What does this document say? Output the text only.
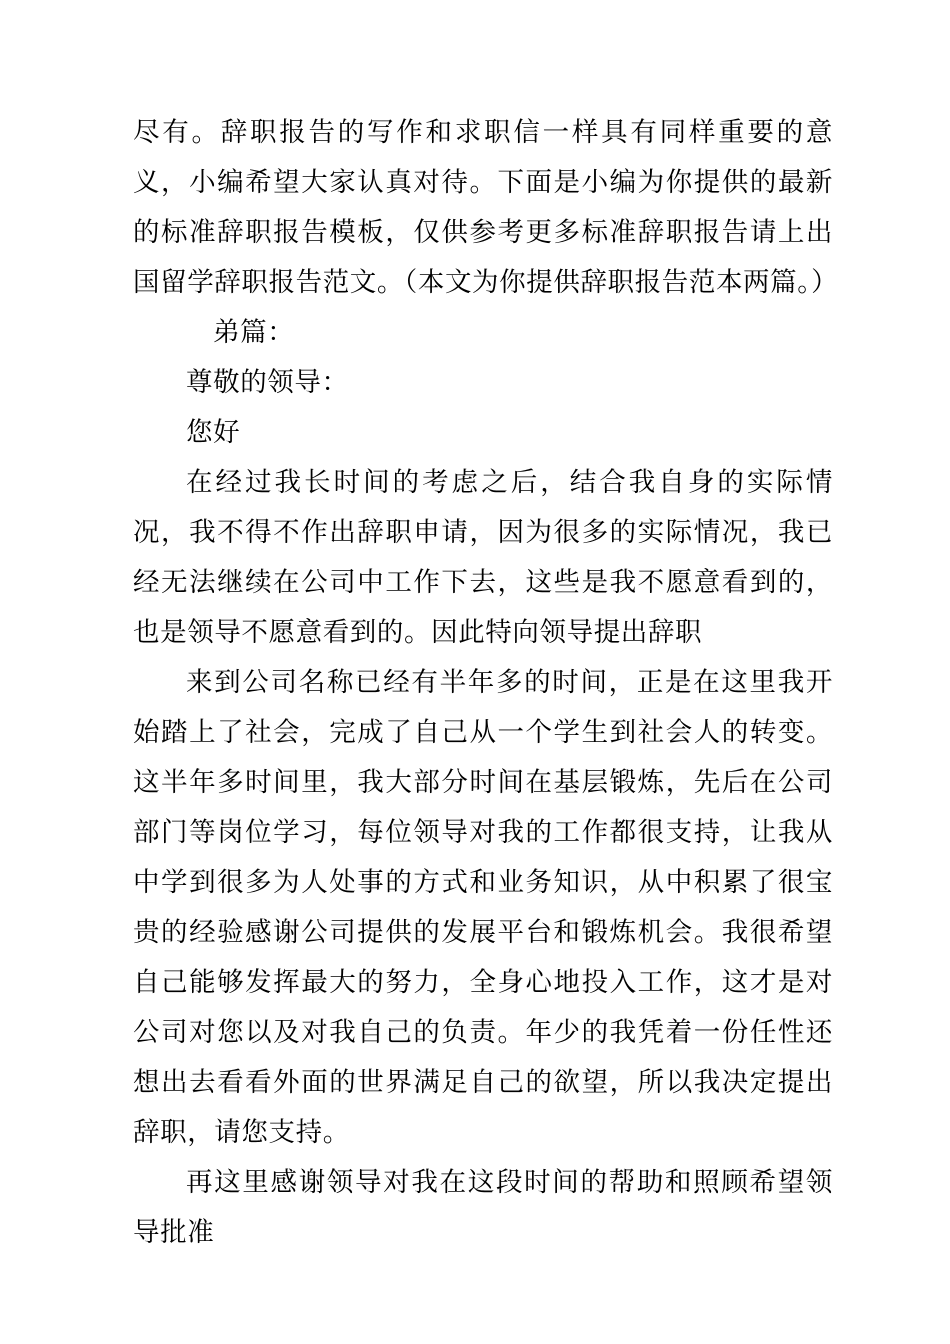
尽有。辞职报告的写作和求职信一样具有同样重要的意义，小编希望大家认真对待。下面是小编为你提供的最新的标准辞职报告模板，仅供参考更多标准辞职报告请上出国留学辞职报告范文。（本文为你提供辞职报告范本两篇。）

弟篇：

尊敬的领导：

您好

在经过我长时间的考虑之后，结合我自身的实际情况，我不得不作出辞职申请，因为很多的实际情况，我已经无法继续在公司中工作下去，这些是我不愿意看到的，也是领导不愿意看到的。因此特向领导提出辞职

来到公司名称已经有半年多的时间，正是在这里我开始踏上了社会，完成了自己从一个学生到社会人的转变。这半年多时间里，我大部分时间在基层锻炼，先后在公司部门等岗位学习，每位领导对我的工作都很支持，让我从中学到很多为人处事的方式和业务知识，从中积累了很宝贵的经验感谢公司提供的发展平台和锻炼机会。我很希望自己能够发挥最大的努力，全身心地投入工作，这才是对公司对您以及对我自己的负责。年少的我凭着一份任性还想出去看看外面的世界满足自己的欲望，所以我决定提出辞职，请您支持。

再这里感谢领导对我在这段时间的帮助和照顾希望领导批准
